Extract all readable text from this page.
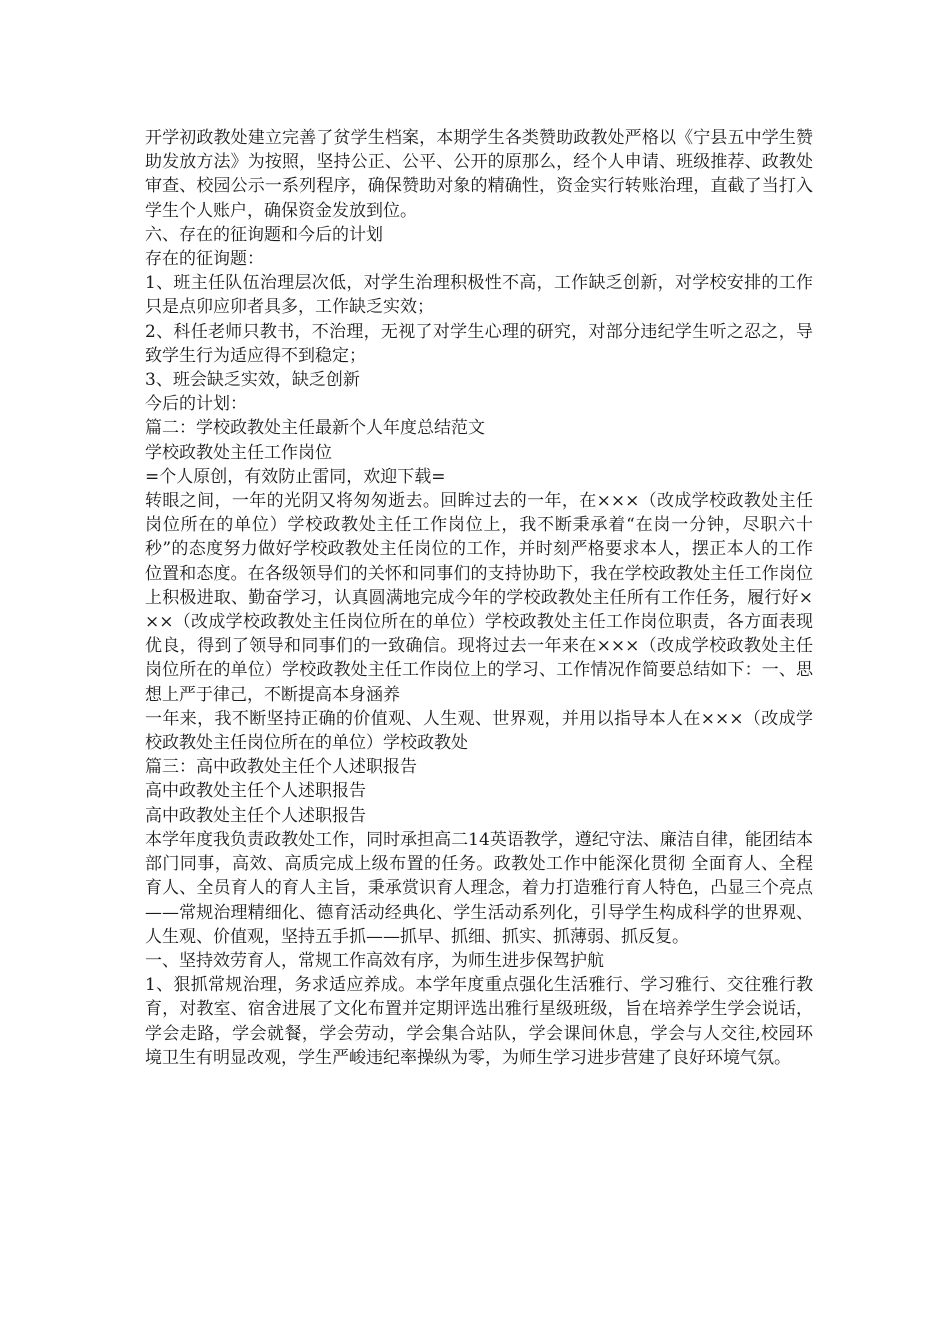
开学初政教处建立完善了贫学生档案，本期学生各类赞助政教处严格以《宁县五中学生赞助发放方法》为按照，坚持公正、公平、公开的原那么，经个人申请、班级推荐、政教处审查、校园公示一系列程序，确保赞助对象的精确性，资金实行转账治理，直截了当打入学生个人账户，确保资金发放到位。

六、存在的征询题和今后的计划

存在的征询题：

1、班主任队伍治理层次低，对学生治理积极性不高，工作缺乏创新，对学校安排的工作只是点卯应卯者具多，工作缺乏实效；

2、科任老师只教书，不治理，无视了对学生心理的研究，对部分违纪学生听之忍之，导致学生行为适应得不到稳定；

3、班会缺乏实效，缺乏创新

今后的计划：

篇二：学校政教处主任最新个人年度总结范文

学校政教处主任工作岗位

=个人原创，有效防止雷同，欢迎下载=

转眼之间，一年的光阴又将匆匆逝去。回眸过去的一年，在×××（改成学校政教处主任岗位所在的单位）学校政教处主任工作岗位上，我不断秉承着“在岗一分钟，尽职六十秒”的态度努力做好学校政教处主任岗位的工作，并时刻严格要求本人，摆正本人的工作位置和态度。在各级领导们的关怀和同事们的支持协助下，我在学校政教处主任工作岗位上积极进取、勤奋学习，认真圆满地完成今年的学校政教处主任所有工作任务，履行好×××（改成学校政教处主任岗位所在的单位）学校政教处主任工作岗位职责，各方面表现优良，得到了领导和同事们的一致确信。现将过去一年来在×××（改成学校政教处主任岗位所在的单位）学校政教处主任工作岗位上的学习、工作情况作简要总结如下：一、思想上严于律己，不断提高本身涵养

一年来，我不断坚持正确的价值观、人生观、世界观，并用以指导本人在×××（改成学校政教处主任岗位所在的单位）学校政教处

篇三：高中政教处主任个人述职报告

高中政教处主任个人述职报告

高中政教处主任个人述职报告

本学年度我负责政教处工作，同时承担高二14英语教学，遵纪守法、廉洁自律，能团结本部门同事，高效、高质完成上级布置的任务。政教处工作中能深化贯彻 全面育人、全程育人、全员育人的育人主旨，秉承赏识育人理念，着力打造雅行育人特色，凸显三个亮点——常规治理精细化、德育活动经典化、学生活动系列化，引导学生构成科学的世界观、人生观、价值观，坚持五手抓——抓早、抓细、抓实、抓薄弱、抓反复。

一、坚持效劳育人，常规工作高效有序，为师生进步保驾护航

1、狠抓常规治理，务求适应养成。本学年度重点强化生活雅行、学习雅行、交往雅行教育，对教室、宿舍进展了文化布置并定期评选出雅行星级班级，旨在培养学生学会说话，学会走路，学会就餐，学会劳动，学会集合站队，学会课间休息，学会与人交往,校园环境卫生有明显改观，学生严峻违纪率操纵为零，为师生学习进步营建了良好环境气氛。
